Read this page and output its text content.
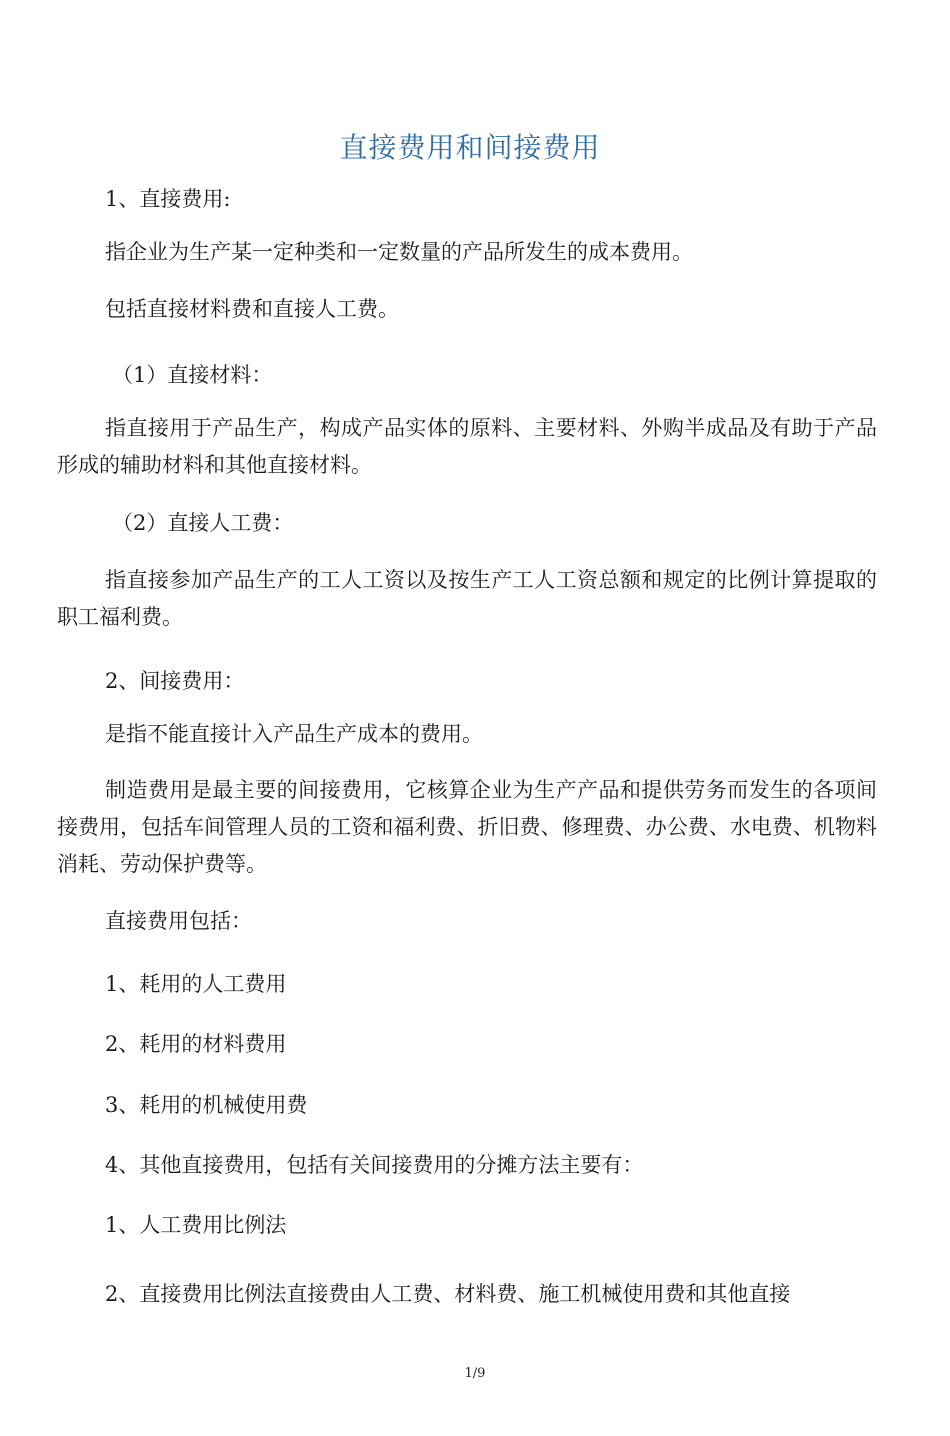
直接费用和间接费用
1、直接费用:
指企业为生产某一定种类和一定数量的产品所发生的成本费用。
包括直接材料费和直接人工费。
（1）直接材料：
指直接用于产品生产，构成产品实体的原料、主要材料、外购半成品及有助于产品形成的辅助材料和其他直接材料。
（2）直接人工费：
指直接参加产品生产的工人工资以及按生产工人工资总额和规定的比例计算提取的职工福利费。
2、间接费用：
是指不能直接计入产品生产成本的费用。
制造费用是最主要的间接费用，它核算企业为生产产品和提供劳务而发生的各项间接费用，包括车间管理人员的工资和福利费、折旧费、修理费、办公费、水电费、机物料消耗、劳动保护费等。
直接费用包括：
1、耗用的人工费用
2、耗用的材料费用
3、耗用的机械使用费
4、其他直接费用，包括有关间接费用的分摊方法主要有：
1、人工费用比例法
2、直接费用比例法直接费由人工费、材料费、施工机械使用费和其他直接
1/9
